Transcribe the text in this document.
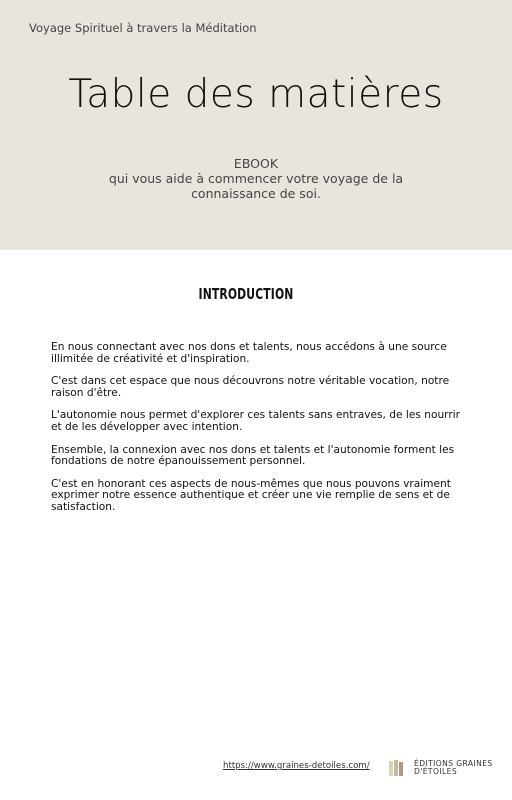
Voyage Spirituel à travers la Méditation
Table des matières
EBOOK
qui vous aide à commencer votre voyage de la
connaissance de soi.
INTRODUCTION

En nous connectant avec nos dons et talents, nous accédons à une source illimitée de créativité et d'inspiration.

C'est dans cet espace que nous découvrons notre véritable vocation, notre raison d'être.

L'autonomie nous permet d'explorer ces talents sans entraves, de les nourrir et de les développer avec intention.

Ensemble, la connexion avec nos dons et talents et l'autonomie forment les fondations de notre épanouissement personnel.

C'est en honorant ces aspects de nous-mêmes que nous pouvons vraiment exprimer notre essence authentique et créer une vie remplie de sens et de satisfaction.

https://www.graines-detoiles.com/	ÉDITIONS GRAINES
D'ÉTOILES
